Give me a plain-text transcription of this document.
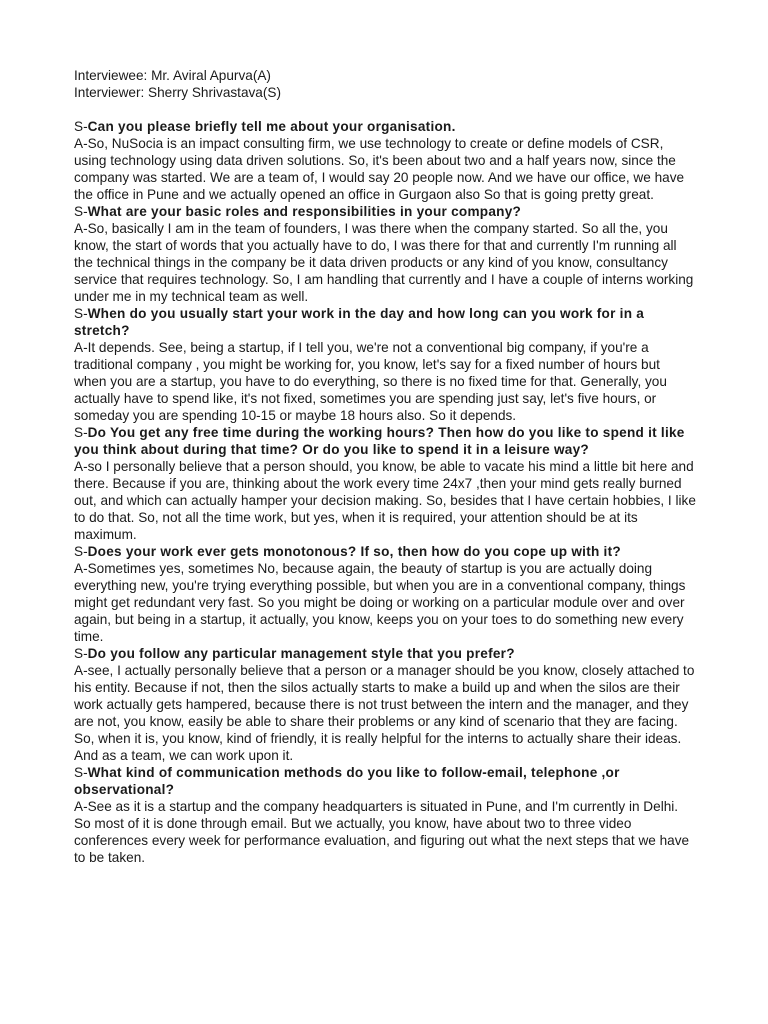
Interviewee: Mr. Aviral Apurva(A)

Interviewer: Sherry Shrivastava(S)

S-Can you please briefly tell me about your organisation.

A-So, NuSocia is an impact consulting firm, we use technology to create or define models of CSR, using technology using data driven solutions. So, it's been about two and a half years now, since the company was started. We are a team of, I would say 20 people now. And we have our office, we have the office in Pune and we actually opened an office in Gurgaon also So that is going pretty great.

S-What are your basic roles and responsibilities in your company?

A-So, basically I am in the team of founders, I was there when the company started. So all the, you know, the start of words that you actually have to do, I was there for that and currently I'm running all the technical things in the company be it data driven products or any kind of you know, consultancy service that requires technology. So, I am handling that currently and I have a couple of interns working under me in my technical team as well.

S-When do you usually start your work in the day and how long can you work for in a stretch?

A-It depends. See, being a startup, if I tell you, we're not a conventional big company, if you're a traditional company , you might be working for, you know, let's say for a fixed number of hours but when you are a startup, you have to do everything, so there is no fixed time for that. Generally, you actually have to spend like, it's not fixed, sometimes you are spending just say, let's five hours, or someday you are spending 10-15 or maybe 18 hours also. So it depends.

S-Do You get any free time during the working hours? Then how do you like to spend it like you think about during that time? Or do you like to spend it in a leisure way?

A-so I personally believe that a person should, you know, be able to vacate his mind a little bit here and there. Because if you are, thinking about the work every time 24x7 ,then your mind gets really burned out, and which can actually hamper your decision making. So, besides that I have certain hobbies, I like to do that. So, not all the time work, but yes, when it is required, your attention should be at its maximum.

S-Does your work ever gets monotonous? If so, then how do you cope up with it?

A-Sometimes yes, sometimes No, because again, the beauty of startup is you are actually doing everything new, you're trying everything possible, but when you are in a conventional company, things might get redundant very fast. So you might be doing or working on a particular module over and over again, but being in a startup, it actually, you know, keeps you on your toes to do something new every time.

S-Do you follow any particular management style that you prefer?

A-see, I actually personally believe that a person or a manager should be you know, closely attached to his entity. Because if not, then the silos actually starts to make a build up and when the silos are their work actually gets hampered, because there is not trust between the intern and the manager, and they are not, you know, easily be able to share their problems or any kind of scenario that they are facing. So, when it is, you know, kind of friendly, it is really helpful for the interns to actually share their ideas. And as a team, we can work upon it.

S-What kind of communication methods do you like to follow-email, telephone ,or observational?

A-See as it is a startup and the company headquarters is situated in Pune, and I'm currently in Delhi. So most of it is done through email. But we actually, you know, have about two to three video conferences every week for performance evaluation, and figuring out what the next steps that we have to be taken.
